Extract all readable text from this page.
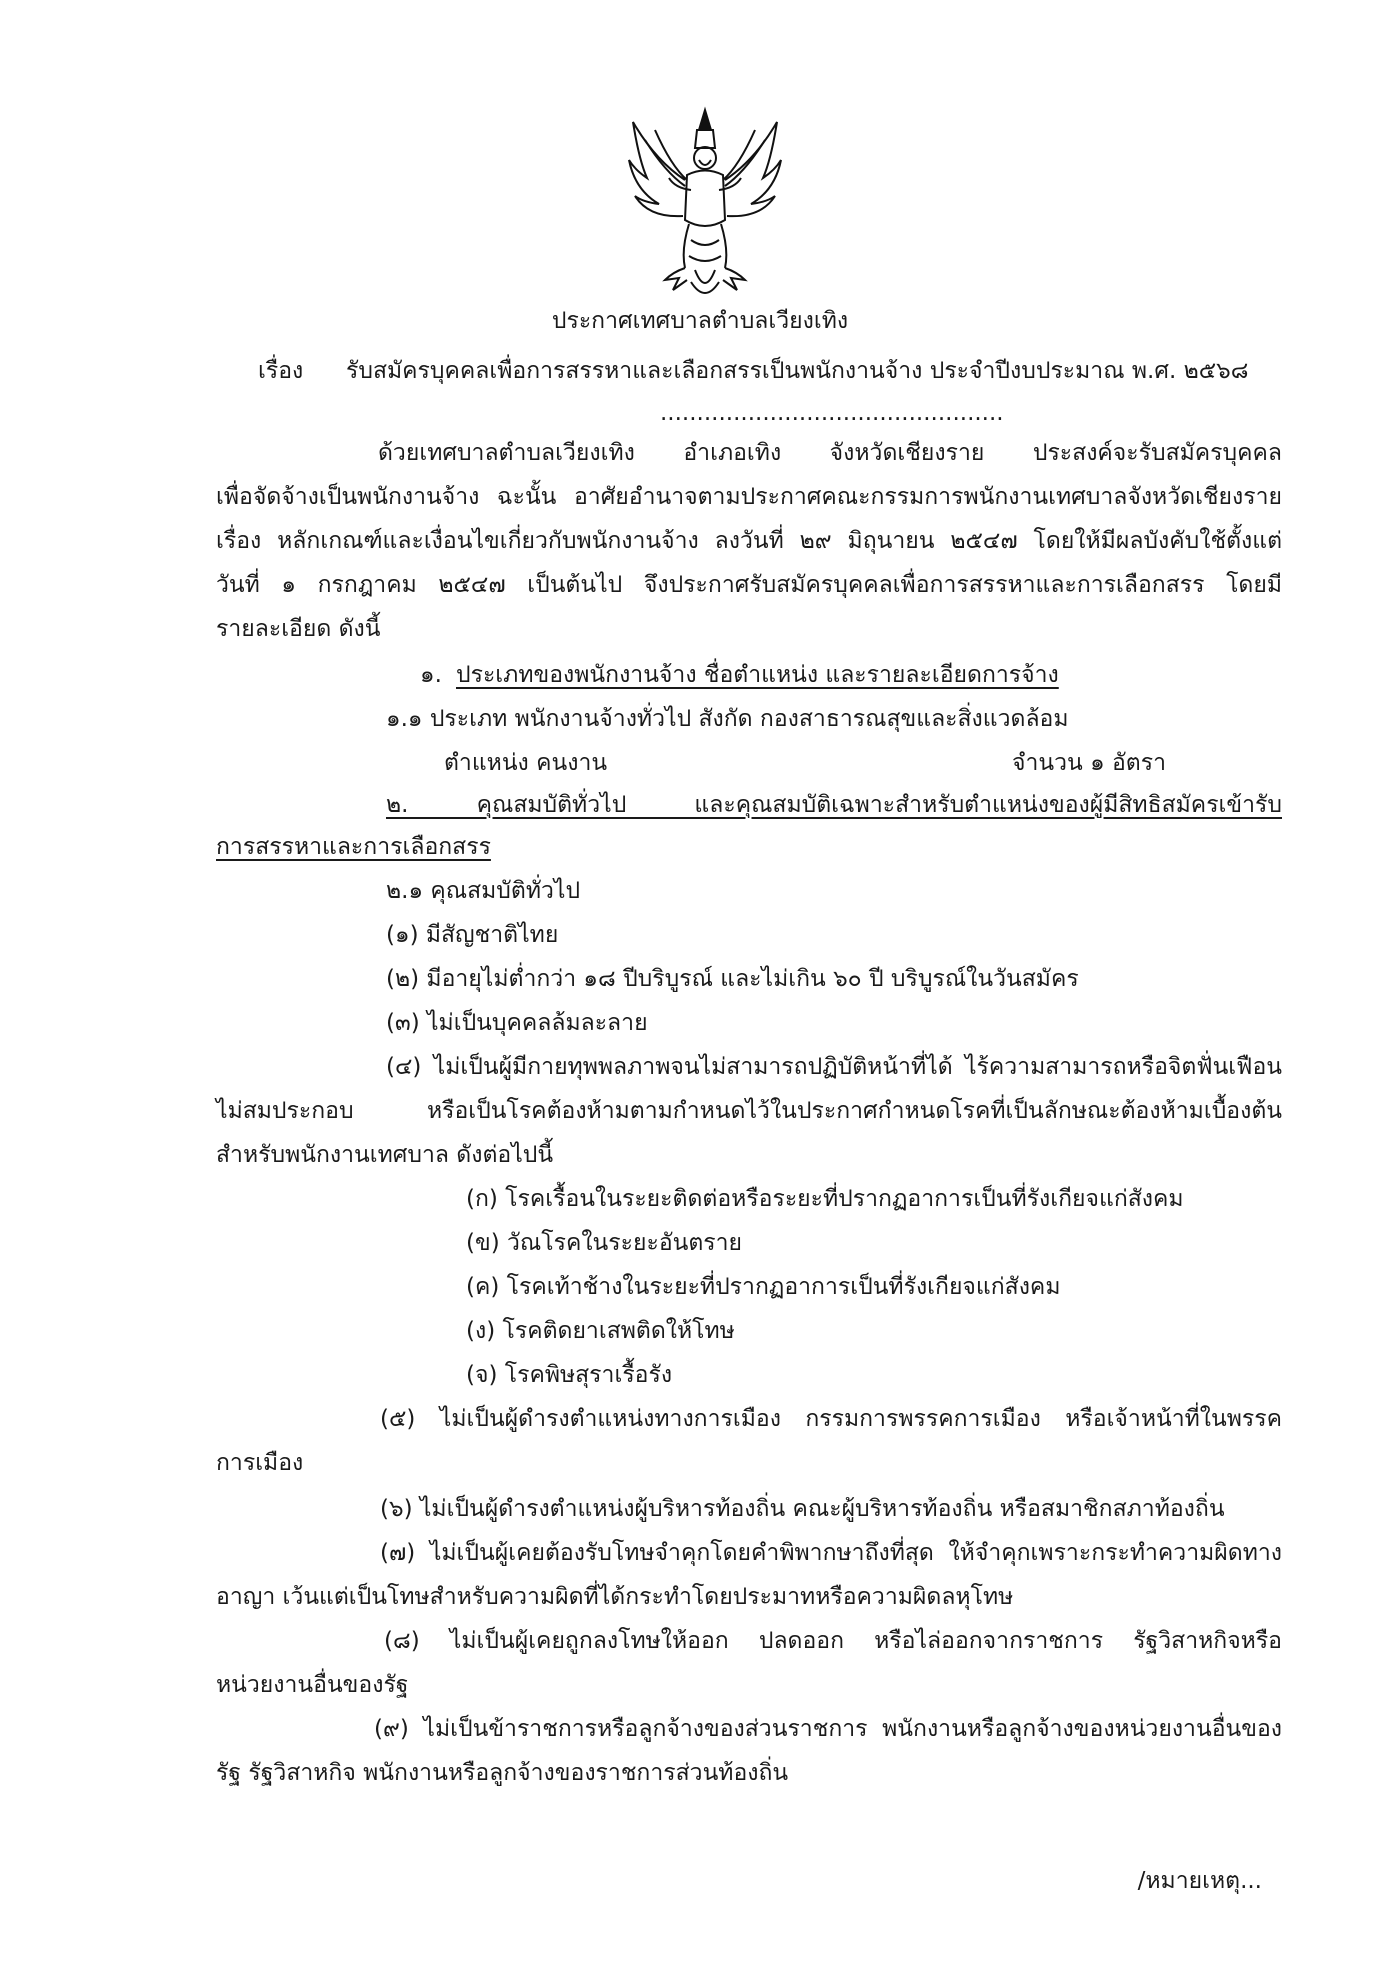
ประกาศเทศบาลตำบลเวียงเทิง
เรื่อง รับสมัครบุคคลเพื่อการสรรหาและเลือกสรรเป็นพนักงานจ้าง ประจำปีงบประมาณ พ.ศ. ๒๕๖๘
...............................................
ด้วยเทศบาลตำบลเวียงเทิง อำเภอเทิง จังหวัดเชียงราย ประสงค์จะรับสมัครบุคคล
เพื่อจัดจ้างเป็นพนักงานจ้าง ฉะนั้น อาศัยอำนาจตามประกาศคณะกรรมการพนักงานเทศบาลจังหวัดเชียงราย
เรื่อง หลักเกณฑ์และเงื่อนไขเกี่ยวกับพนักงานจ้าง ลงวันที่ ๒๙ มิถุนายน ๒๕๔๗ โดยให้มีผลบังคับใช้ตั้งแต่
วันที่ ๑ กรกฎาคม ๒๕๔๗ เป็นต้นไป จึงประกาศรับสมัครบุคคลเพื่อการสรรหาและการเลือกสรร โดยมี
รายละเอียด ดังนี้
๑. ประเภทของพนักงานจ้าง ชื่อตำแหน่ง และรายละเอียดการจ้าง
๑.๑ ประเภท พนักงานจ้างทั่วไป สังกัด กองสาธารณสุขและสิ่งแวดล้อม
ตำแหน่ง คนงาน	จำนวน ๑ อัตรา
๒. คุณสมบัติทั่วไป และคุณสมบัติเฉพาะสำหรับตำแหน่งของผู้มีสิทธิสมัครเข้ารับ
การสรรหาและการเลือกสรร
๒.๑ คุณสมบัติทั่วไป
(๑) มีสัญชาติไทย
(๒) มีอายุไม่ต่ำกว่า ๑๘ ปีบริบูรณ์ และไม่เกิน ๖๐ ปี บริบูรณ์ในวันสมัคร
(๓) ไม่เป็นบุคคลล้มละลาย
(๔) ไม่เป็นผู้มีกายทุพพลภาพจนไม่สามารถปฏิบัติหน้าที่ได้ ไร้ความสามารถหรือจิตฟั่นเฟือน
ไม่สมประกอบ หรือเป็นโรคต้องห้ามตามกำหนดไว้ในประกาศกำหนดโรคที่เป็นลักษณะต้องห้ามเบื้องต้น
สำหรับพนักงานเทศบาล ดังต่อไปนี้
(ก) โรคเรื้อนในระยะติดต่อหรือระยะที่ปรากฏอาการเป็นที่รังเกียจแก่สังคม
(ข) วัณโรคในระยะอันตราย
(ค) โรคเท้าช้างในระยะที่ปรากฏอาการเป็นที่รังเกียจแก่สังคม
(ง) โรคติดยาเสพติดให้โทษ
(จ) โรคพิษสุราเรื้อรัง
(๕) ไม่เป็นผู้ดำรงตำแหน่งทางการเมือง กรรมการพรรคการเมือง หรือเจ้าหน้าที่ในพรรค
การเมือง
(๖) ไม่เป็นผู้ดำรงตำแหน่งผู้บริหารท้องถิ่น คณะผู้บริหารท้องถิ่น หรือสมาชิกสภาท้องถิ่น
(๗) ไม่เป็นผู้เคยต้องรับโทษจำคุกโดยคำพิพากษาถึงที่สุด ให้จำคุกเพราะกระทำความผิดทาง
อาญา เว้นแต่เป็นโทษสำหรับความผิดที่ได้กระทำโดยประมาทหรือความผิดลหุโทษ
(๘) ไม่เป็นผู้เคยถูกลงโทษให้ออก ปลดออก หรือไล่ออกจากราชการ รัฐวิสาหกิจหรือ
หน่วยงานอื่นของรัฐ
(๙) ไม่เป็นข้าราชการหรือลูกจ้างของส่วนราชการ พนักงานหรือลูกจ้างของหน่วยงานอื่นของ
รัฐ รัฐวิสาหกิจ พนักงานหรือลูกจ้างของราชการส่วนท้องถิ่น
/หมายเหตุ...
